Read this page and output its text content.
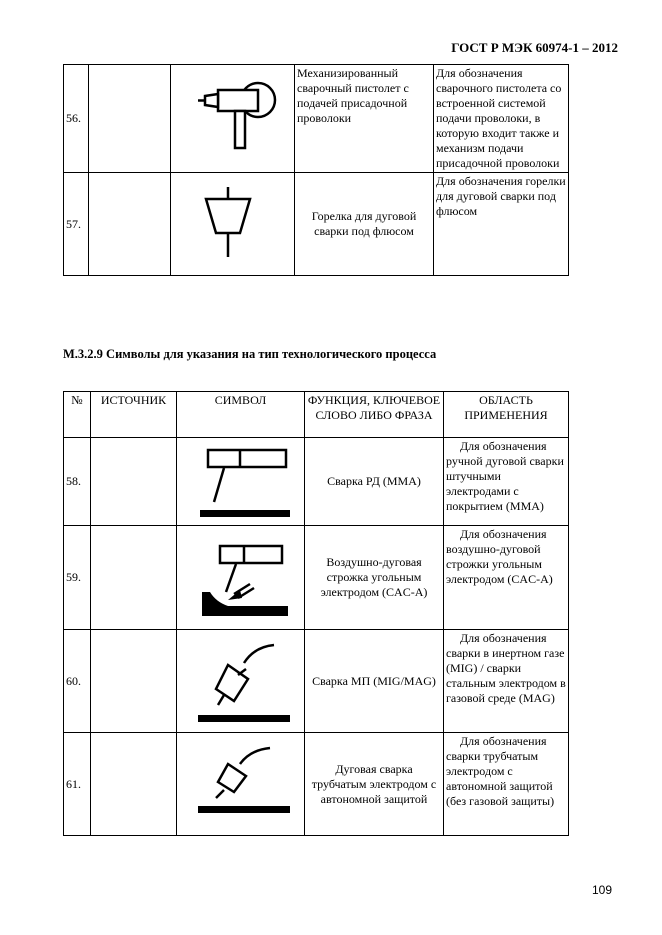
ГОСТ Р МЭК 60974-1 – 2012
56.			Механизированный сварочный пистолет с подачей присадочной проволоки	Для обозначения сварочного пистолета со встроенной системой подачи проволоки, в которую входит также и механизм подачи присадочной проволоки
57.			Горелка для дуговой сварки под флюсом	Для обозначения горелки для дуговой сварки под флюсом
М.3.2.9 Символы для указания на тип технологического процесса
№	ИСТОЧНИК	СИМВОЛ	ФУНКЦИЯ, КЛЮЧЕВОЕ СЛОВО ЛИБО ФРАЗА	ОБЛАСТЬ ПРИМЕНЕНИЯ
58.			Сварка РД (MMA)	Для обозначения ручной дуговой сварки штучными электродами с покрытием (MMA)

59.			Воздушно-дуговая строжка угольным электродом (CAC-A)	Для обозначения воздушно-дуговой строжки угольным электродом (CAC-A)

60.			Сварка МП (MIG/MAG)	Для обозначения сварки в инертном газе (MIG) / сварки стальным электродом в газовой среде (MAG)

61.			Дуговая сварка трубчатым электродом с автономной защитой	Для обозначения сварки трубчатым электродом с автономной защитой (без газовой защиты)
109
